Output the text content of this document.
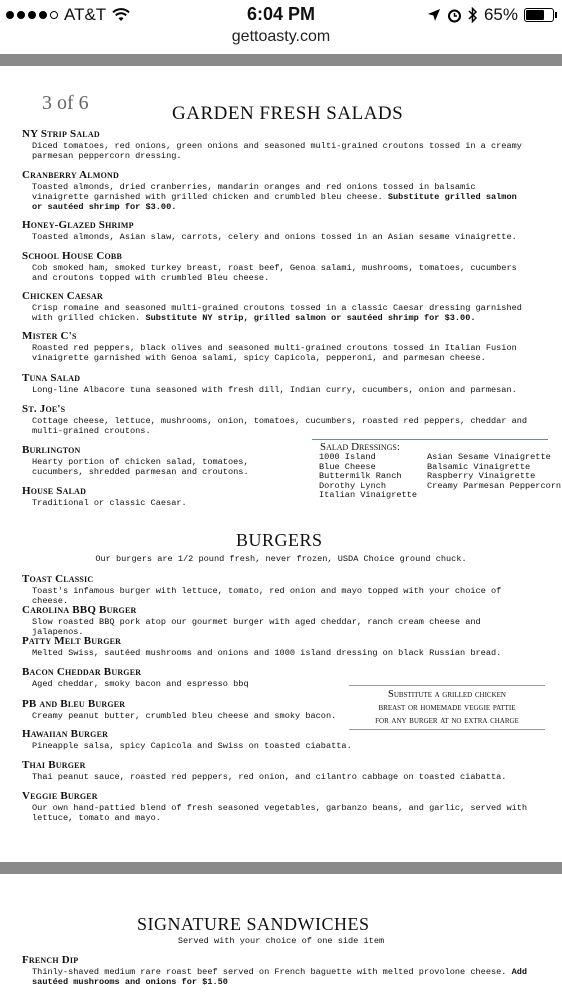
AT&T	6:04 PM	65%
gettoasty.com
3 of 6	GARDEN FRESH SALADS
NY Strip Salad
Diced tomatoes, red onions, green onions and seasoned multi-grained croutons tossed in a creamy parmesan peppercorn dressing.
Cranberry Almond
Toasted almonds, dried cranberries, mandarin oranges and red onions tossed in balsamic vinaigrette garnished with grilled chicken and crumbled bleu cheese. Substitute grilled salmon or sautéed shrimp for $3.00.
Honey-Glazed Shrimp
Toasted almonds, Asian slaw, carrots, celery and onions tossed in an Asian sesame vinaigrette.
School House Cobb
Cob smoked ham, smoked turkey breast, roast beef, Genoa salami, mushrooms, tomatoes, cucumbers and croutons topped with crumbled Bleu cheese.
Chicken Caesar
Crisp romaine and seasoned multi-grained croutons tossed in a classic Caesar dressing garnished with grilled chicken. Substitute NY strip, grilled salmon or sautéed shrimp for $3.00.
Mister C's
Roasted red peppers, black olives and seasoned multi-grained croutons tossed in Italian Fusion vinaigrette garnished with Genoa salami, spicy Capicola, pepperoni, and parmesan cheese.
Tuna Salad
Long-line Albacore tuna seasoned with fresh dill, Indian curry, cucumbers, onion and parmesan.
St. Joe's
Cottage cheese, lettuce, mushrooms, onion, tomatoes, cucumbers, roasted red peppers, cheddar and multi-grained croutons.
Burlington
Hearty portion of chicken salad, tomatoes, cucumbers, shredded parmesan and croutons.
House Salad
Traditional or classic Caesar.
Salad Dressings:
1000 Island	Asian Sesame Vinaigrette
Blue Cheese	Balsamic Vinaigrette
Buttermilk Ranch	Raspberry Vinaigrette
Dorothy Lynch	Creamy Parmesan Peppercorn
Italian Vinaigrette	
BURGERS
Our burgers are 1/2 pound fresh, never frozen, USDA Choice ground chuck.
Toast Classic
Toast's infamous burger with lettuce, tomato, red onion and mayo topped with your choice of cheese.
Carolina BBQ Burger
Slow roasted BBQ pork atop our gourmet burger with aged cheddar, ranch cream cheese and jalapenos.
Patty Melt Burger
Melted Swiss, sautéed mushrooms and onions and 1000 island dressing on black Russian bread.
Bacon Cheddar Burger
Aged cheddar, smoky bacon and espresso bbq
PB and Bleu Burger
Creamy peanut butter, crumbled bleu cheese and smoky bacon.
Hawaiian Burger
Pineapple salsa, spicy Capicola and Swiss on toasted ciabatta.
Thai Burger
Thai peanut sauce, roasted red peppers, red onion, and cilantro cabbage on toasted ciabatta.
Veggie Burger
Our own hand-pattied blend of fresh seasoned vegetables, garbanzo beans, and garlic, served with lettuce, tomato and mayo.
Substitute a grilled chicken
breast or homemade veggie pattie
for any burger at no extra charge
SIGNATURE SANDWICHES
Served with your choice of one side item
French Dip
Thinly-shaved medium rare roast beef served on French baguette with melted provolone cheese. Add sautéed mushrooms and onions for $1.50
